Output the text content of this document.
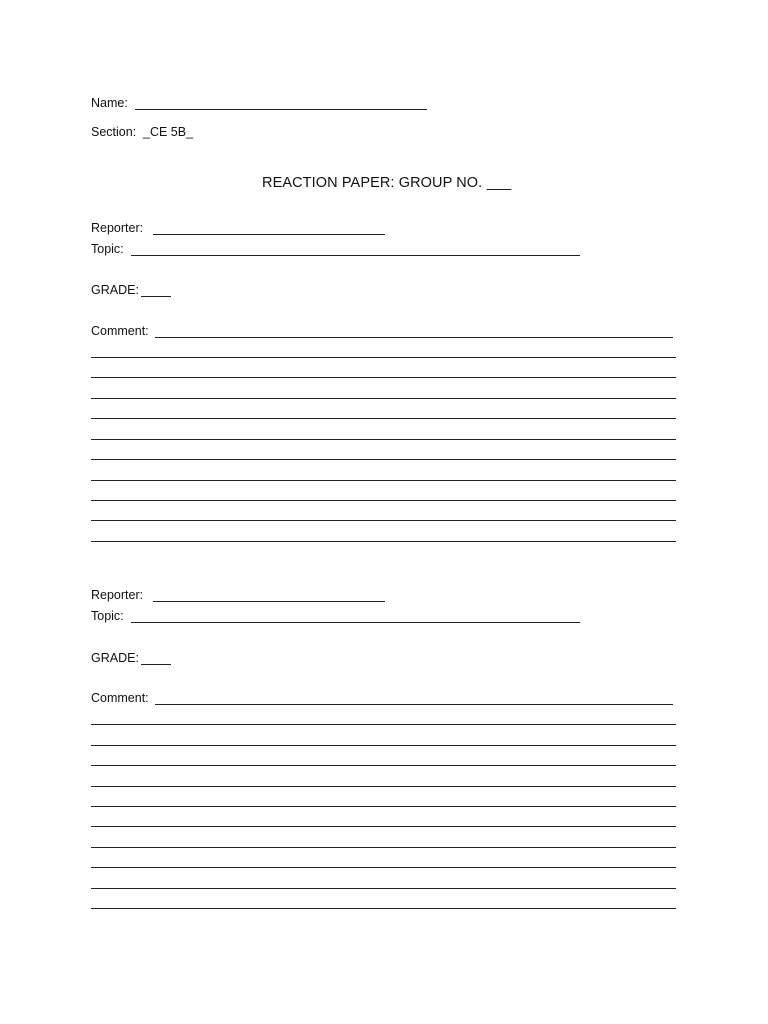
Name:
Section: _CE 5B_
REACTION PAPER: GROUP NO. ___
Reporter:
Topic:
GRADE:
Comment:
Reporter:
Topic:
GRADE:
Comment:
